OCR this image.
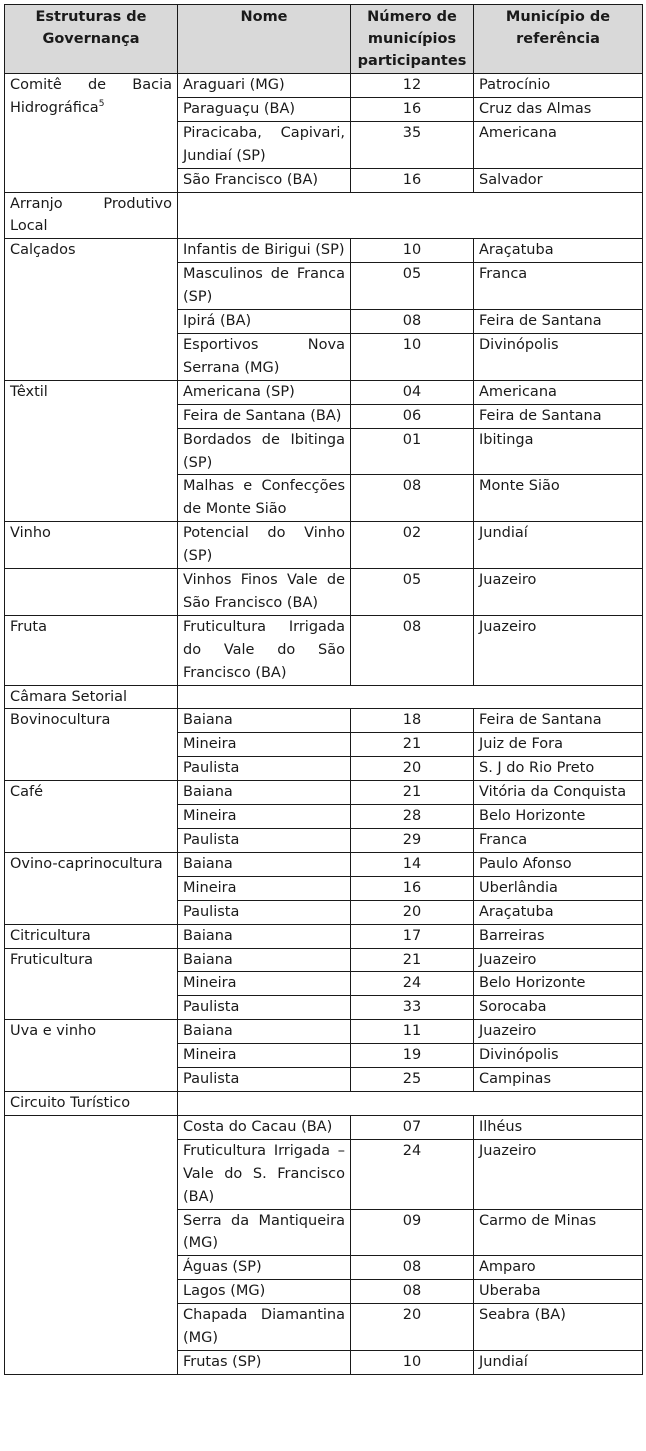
Estruturas de Governança	Nome	Número de municípios participantes	Município de referência
Comitê de Bacia Hidrográfica$^5$	Araguari (MG)	12	Patrocínio
	Paraguaçu (BA)	16	Cruz das Almas
	Piracicaba, Capivari, Jundiaí (SP)	35	Americana
	São Francisco (BA)	16	Salvador
Arranjo Produtivo Local			
Calçados	Infantis de Birigui (SP)	10	Araçatuba
	Masculinos de Franca (SP)	05	Franca
	Ipirá (BA)	08	Feira de Santana
	Esportivos Nova Serrana (MG)	10	Divinópolis
Têxtil	Americana (SP)	04	Americana
	Feira de Santana (BA)	06	Feira de Santana
	Bordados de Ibitinga (SP)	01	Ibitinga
	Malhas e Confecções de Monte Sião	08	Monte Sião
Vinho	Potencial do Vinho (SP)	02	Jundiaí
	Vinhos Finos Vale de São Francisco (BA)	05	Juazeiro
Fruta	Fruticultura Irrigada do Vale do São Francisco (BA)	08	Juazeiro
Câmara Setorial			
Bovinocultura	Baiana	18	Feira de Santana
	Mineira	21	Juiz de Fora
	Paulista	20	S. J do Rio Preto
Café	Baiana	21	Vitória da Conquista
	Mineira	28	Belo Horizonte
	Paulista	29	Franca
Ovino-caprinocultura	Baiana	14	Paulo Afonso
	Mineira	16	Uberlândia
	Paulista	20	Araçatuba
Citricultura	Baiana	17	Barreiras
Fruticultura	Baiana	21	Juazeiro
	Mineira	24	Belo Horizonte
	Paulista	33	Sorocaba
Uva e vinho	Baiana	11	Juazeiro
	Mineira	19	Divinópolis
	Paulista	25	Campinas
Circuito Turístico			
	Costa do Cacau (BA)	07	Ilhéus
	Fruticultura Irrigada – Vale do S. Francisco (BA)	24	Juazeiro
	Serra da Mantiqueira (MG)	09	Carmo de Minas
	Águas (SP)	08	Amparo
	Lagos (MG)	08	Uberaba
	Chapada Diamantina (MG)	20	Seabra (BA)
	Frutas (SP)	10	Jundiaí
